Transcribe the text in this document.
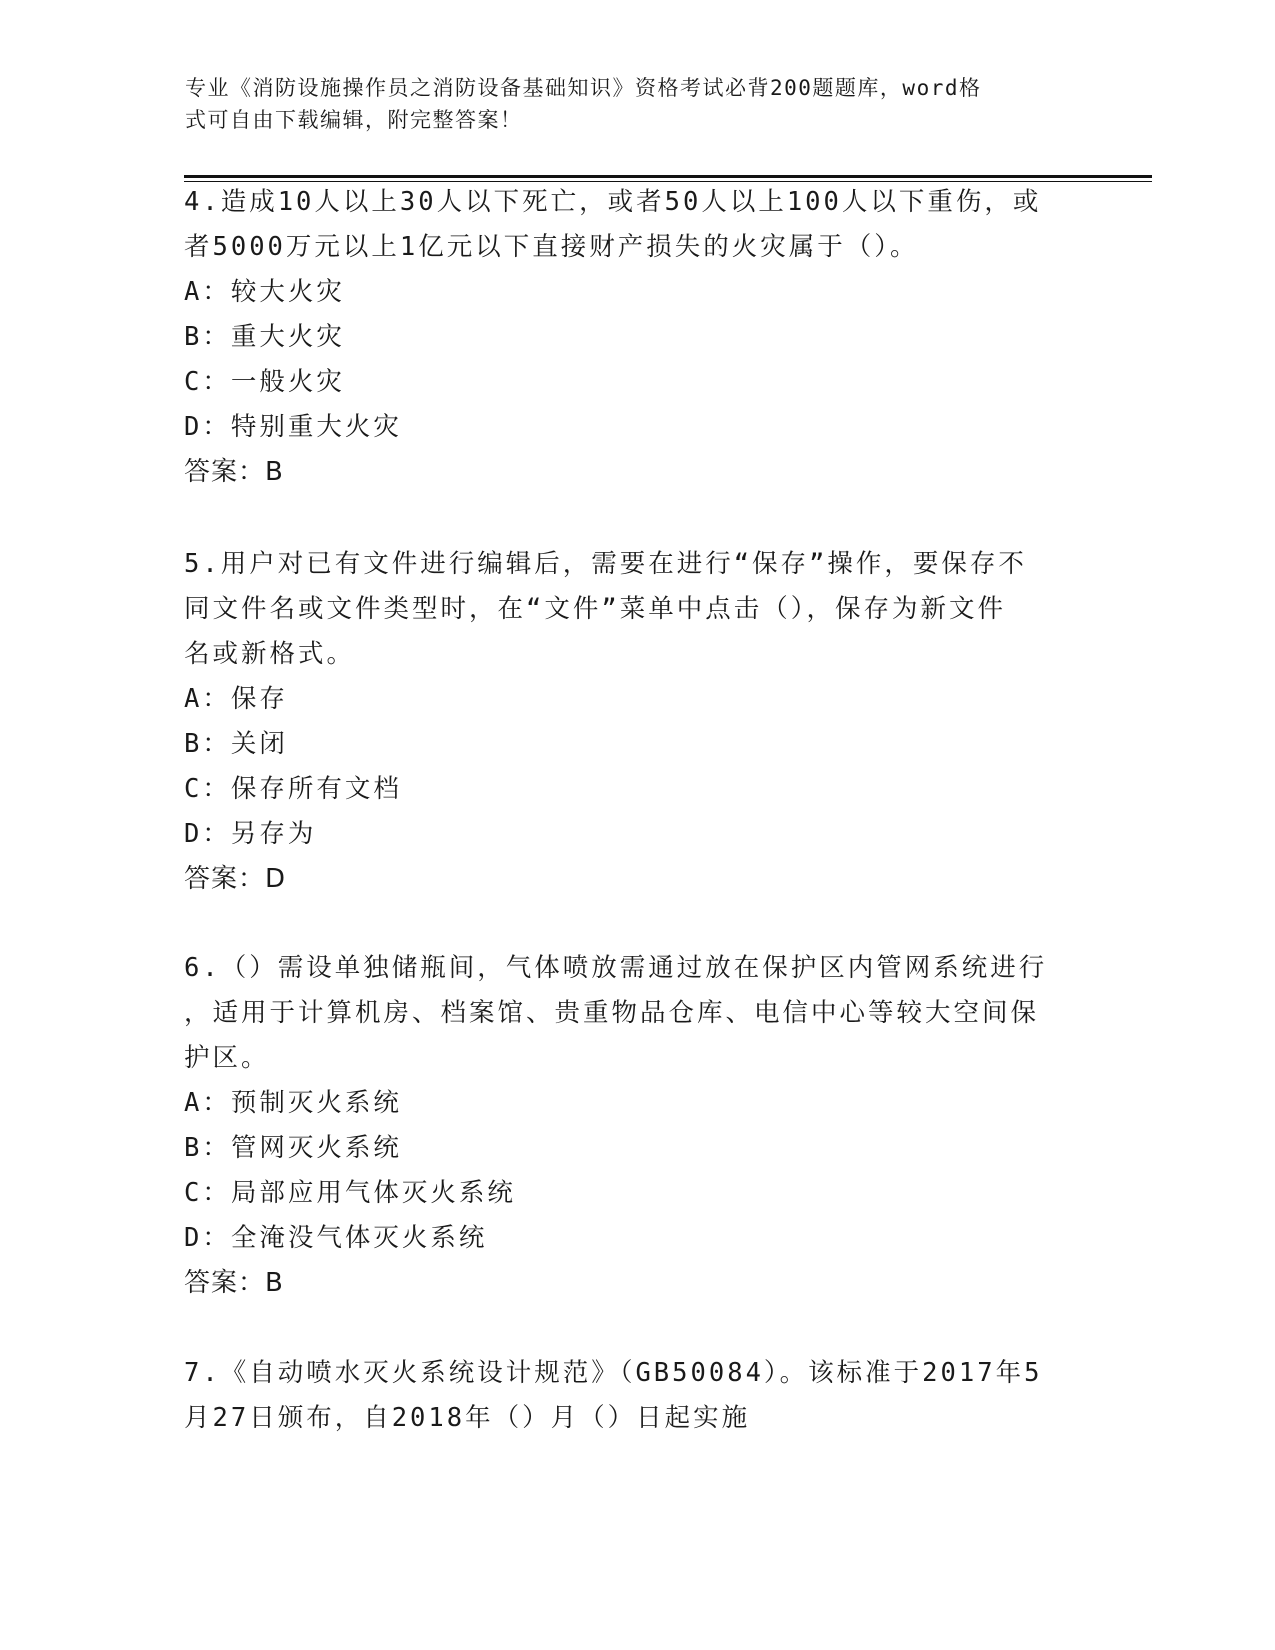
专业《消防设施操作员之消防设备基础知识》资格考试必背200题题库，word格
式可自由下载编辑，附完整答案！
4.造成10人以上30人以下死亡，或者50人以上100人以下重伤，或
者5000万元以上1亿元以下直接财产损失的火灾属于（）。
A：较大火灾
B：重大火灾
C：一般火灾
D：特别重大火灾
答案：B
5.用户对已有文件进行编辑后，需要在进行“保存”操作，要保存不
同文件名或文件类型时，在“文件”菜单中点击（），保存为新文件
名或新格式。
A：保存
B：关闭
C：保存所有文档
D：另存为
答案：D
6.（）需设单独储瓶间，气体喷放需通过放在保护区内管网系统进行
，适用于计算机房、档案馆、贵重物品仓库、电信中心等较大空间保
护区。
A：预制灭火系统
B：管网灭火系统
C：局部应用气体灭火系统
D：全淹没气体灭火系统
答案：B
7.《自动喷水灭火系统设计规范》（GB50084）。该标准于2017年5
月27日颁布，自2018年（）月（）日起实施
